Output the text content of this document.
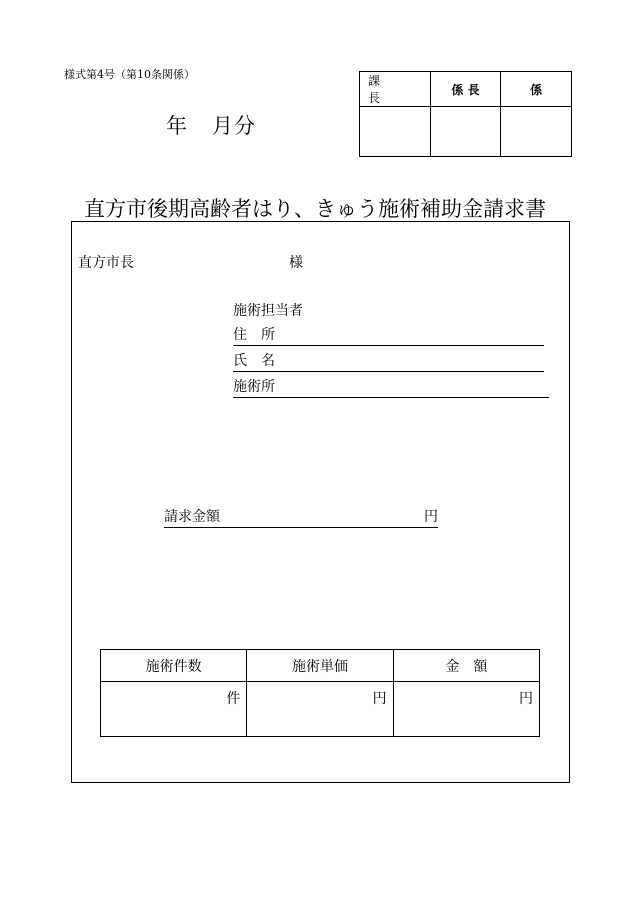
様式第4号（第10条関係）
年 月分
課　長	係 長	係

直方市後期高齢者はり、きゅう施術補助金請求書
直方市長	様
施術担当者
住　所
氏　名
施術所
請求金額	円
施術件数	施術単価	金　額
件	円	円
